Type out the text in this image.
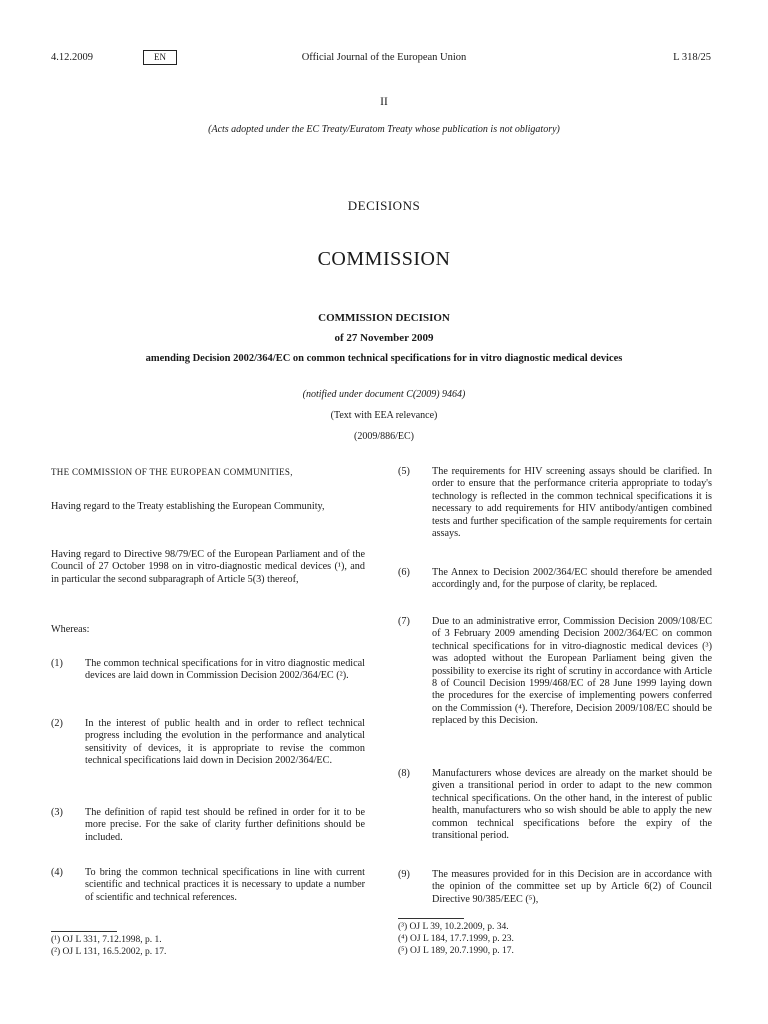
4.12.2009	EN	Official Journal of the European Union	L 318/25
II
(Acts adopted under the EC Treaty/Euratom Treaty whose publication is not obligatory)
DECISIONS
COMMISSION
COMMISSION DECISION
of 27 November 2009
amending Decision 2002/364/EC on common technical specifications for in vitro diagnostic medical devices
(notified under document C(2009) 9464)
(Text with EEA relevance)
(2009/886/EC)

THE COMMISSION OF THE EUROPEAN COMMUNITIES,

Having regard to the Treaty establishing the European Community,

Having regard to Directive 98/79/EC of the European Parliament and of the Council of 27 October 1998 on in vitro-diagnostic medical devices (¹), and in particular the second subparagraph of Article 5(3) thereof,

Whereas:

(1)	The common technical specifications for in vitro diagnostic medical devices are laid down in Commission Decision 2002/364/EC (²).
(2)	In the interest of public health and in order to reflect technical progress including the evolution in the performance and analytical sensitivity of devices, it is appropriate to revise the common technical specifications laid down in Decision 2002/364/EC.
(3)	The definition of rapid test should be refined in order for it to be more precise. For the sake of clarity further definitions should be included.
(4)	To bring the common technical specifications in line with current scientific and technical practices it is necessary to update a number of scientific and technical references.
(¹) OJ L 331, 7.12.1998, p. 1.
(²) OJ L 131, 16.5.2002, p. 17.
(5)	The requirements for HIV screening assays should be clarified. In order to ensure that the performance criteria appropriate to today's technology is reflected in the common technical specifications it is necessary to add requirements for HIV antibody/antigen combined tests and further specification of the sample requirements for certain assays.
(6)	The Annex to Decision 2002/364/EC should therefore be amended accordingly and, for the purpose of clarity, be replaced.
(7)	Due to an administrative error, Commission Decision 2009/108/EC of 3 February 2009 amending Decision 2002/364/EC on common technical specifications for in vitro-diagnostic medical devices (³) was adopted without the European Parliament being given the possibility to exercise its right of scrutiny in accordance with Article 8 of Council Decision 1999/468/EC of 28 June 1999 laying down the procedures for the exercise of implementing powers conferred on the Commission (⁴). Therefore, Decision 2009/108/EC should be replaced by this Decision.
(8)	Manufacturers whose devices are already on the market should be given a transitional period in order to adapt to the new common technical specifications. On the other hand, in the interest of public health, manufacturers who so wish should be able to apply the new common technical specifications before the expiry of the transitional period.
(9)	The measures provided for in this Decision are in accordance with the opinion of the committee set up by Article 6(2) of Council Directive 90/385/EEC (⁵),
(³) OJ L 39, 10.2.2009, p. 34.
(⁴) OJ L 184, 17.7.1999, p. 23.
(⁵) OJ L 189, 20.7.1990, p. 17.
